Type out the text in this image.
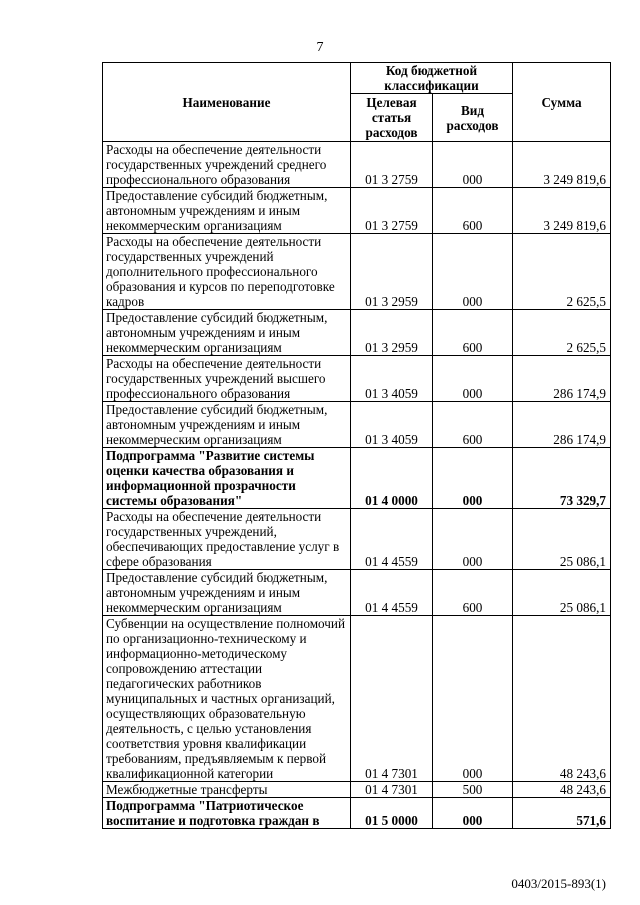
7
Наименование	Код бюджетной классификации		Сумма
	Целевая статья расходов	Вид расходов	
Расходы на обеспечение деятельности государственных учреждений среднего профессионального образования	01 3 2759	000	3 249 819,6
Предоставление субсидий бюджетным, автономным учреждениям и иным некоммерческим организациям	01 3 2759	600	3 249 819,6
Расходы на обеспечение деятельности государственных учреждений дополнительного профессионального образования и курсов по переподготовке кадров	01 3 2959	000	2 625,5
Предоставление субсидий бюджетным, автономным учреждениям и иным некоммерческим организациям	01 3 2959	600	2 625,5
Расходы на обеспечение деятельности государственных учреждений высшего профессионального образования	01 3 4059	000	286 174,9
Предоставление субсидий бюджетным, автономным учреждениям и иным некоммерческим организациям	01 3 4059	600	286 174,9
Подпрограмма "Развитие системы оценки качества образования и информационной прозрачности системы образования"	01 4 0000	000	73 329,7
Расходы на обеспечение деятельности государственных учреждений, обеспечивающих предоставление услуг в сфере образования	01 4 4559	000	25 086,1
Предоставление субсидий бюджетным, автономным учреждениям и иным некоммерческим организациям	01 4 4559	600	25 086,1
Субвенции на осуществление полномочий по организационно-техническому и информационно-методическому сопровождению аттестации педагогических работников муниципальных и частных организаций, осуществляющих образовательную деятельность, с целью установления соответствия уровня квалификации требованиям, предъявляемым к первой квалификационной категории	01 4 7301	000	48 243,6
Межбюджетные трансферты	01 4 7301	500	48 243,6
Подпрограмма "Патриотическое воспитание и подготовка граждан в	01 5 0000	000	571,6
0403/2015-893(1)
